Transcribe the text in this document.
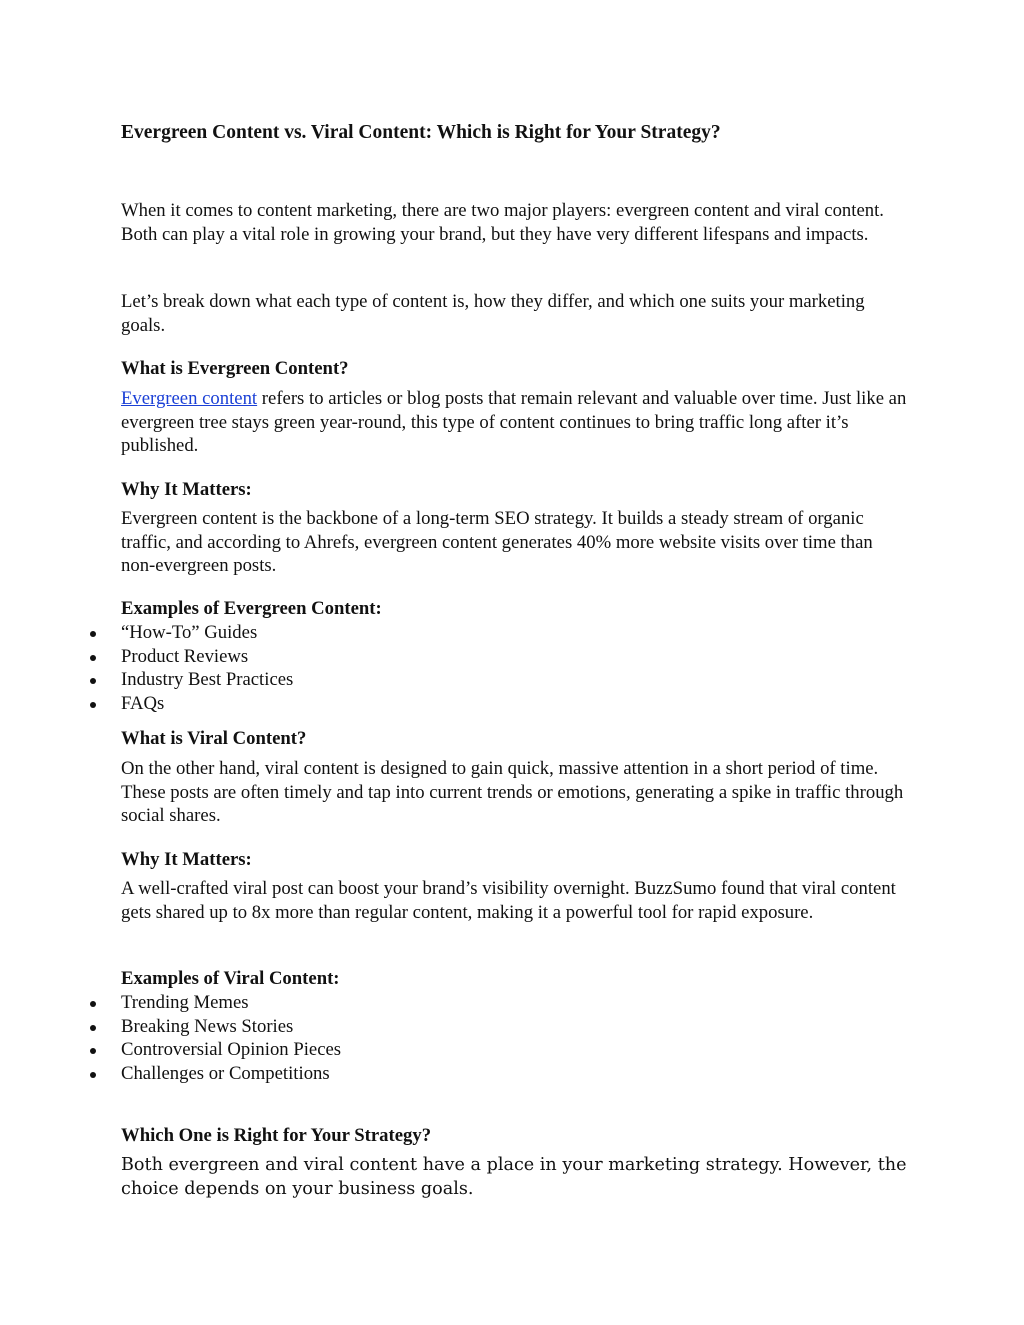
Evergreen Content vs. Viral Content: Which is Right for Your Strategy?
When it comes to content marketing, there are two major players: evergreen content and viral content. Both can play a vital role in growing your brand, but they have very different lifespans and impacts.
Let’s break down what each type of content is, how they differ, and which one suits your marketing goals.
What is Evergreen Content?
Evergreen content refers to articles or blog posts that remain relevant and valuable over time. Just like an evergreen tree stays green year-round, this type of content continues to bring traffic long after it’s published.
Why It Matters:
Evergreen content is the backbone of a long-term SEO strategy. It builds a steady stream of organic traffic, and according to Ahrefs, evergreen content generates 40% more website visits over time than non-evergreen posts.
Examples of Evergreen Content:
“How-To” Guides
Product Reviews
Industry Best Practices
FAQs
What is Viral Content?
On the other hand, viral content is designed to gain quick, massive attention in a short period of time. These posts are often timely and tap into current trends or emotions, generating a spike in traffic through social shares.
Why It Matters:
A well-crafted viral post can boost your brand’s visibility overnight. BuzzSumo found that viral content gets shared up to 8x more than regular content, making it a powerful tool for rapid exposure.
Examples of Viral Content:
Trending Memes
Breaking News Stories
Controversial Opinion Pieces
Challenges or Competitions
Which One is Right for Your Strategy?
Both evergreen and viral content have a place in your marketing strategy. However, the choice depends on your business goals.
